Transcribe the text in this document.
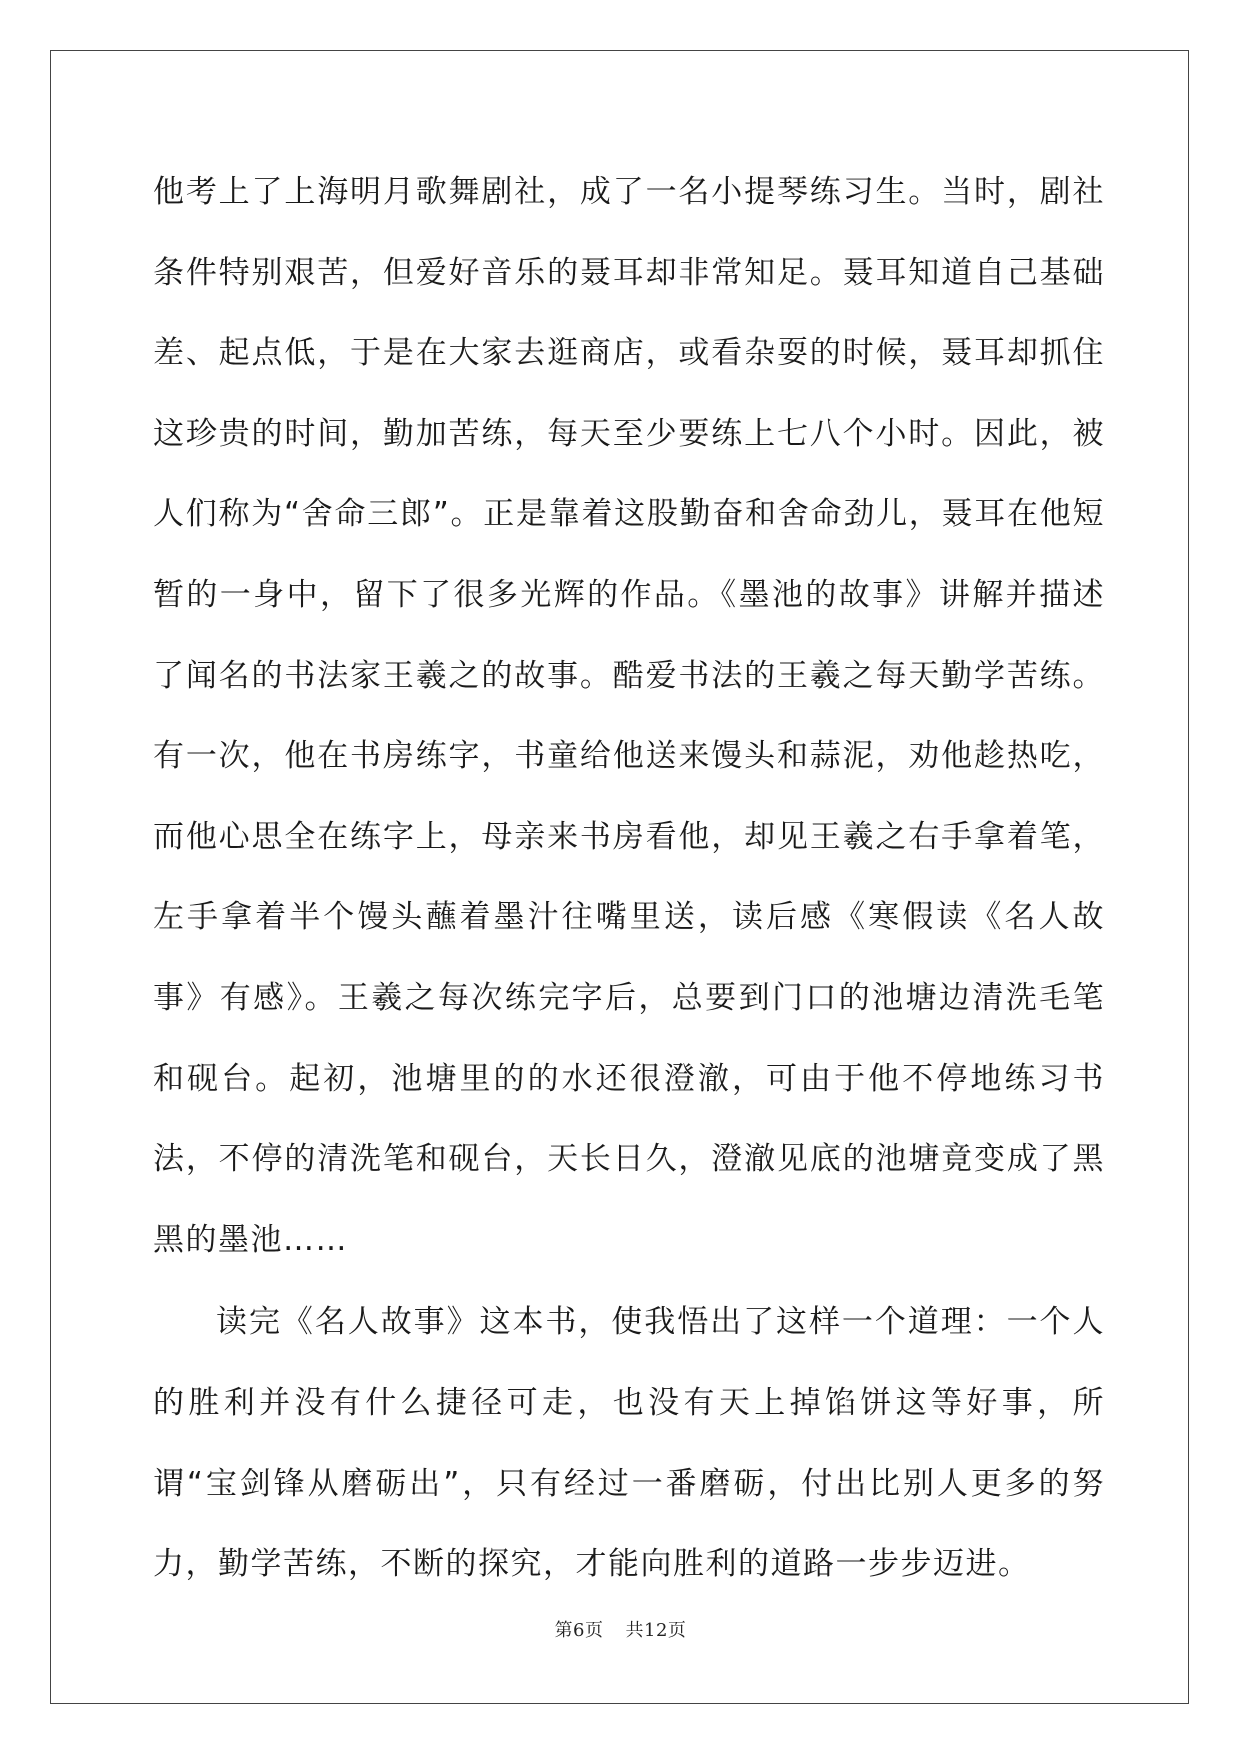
他考上了上海明月歌舞剧社，成了一名小提琴练习生。当时，剧社条件特别艰苦，但爱好音乐的聂耳却非常知足。聂耳知道自己基础差、起点低，于是在大家去逛商店，或看杂耍的时候，聂耳却抓住这珍贵的时间，勤加苦练，每天至少要练上七八个小时。因此，被人们称为“舍命三郎”。正是靠着这股勤奋和舍命劲儿，聂耳在他短暂的一身中，留下了很多光辉的作品。《墨池的故事》讲解并描述了闻名的书法家王羲之的故事。酷爱书法的王羲之每天勤学苦练。有一次，他在书房练字，书童给他送来馒头和蒜泥，劝他趁热吃，而他心思全在练字上，母亲来书房看他，却见王羲之右手拿着笔，左手拿着半个馒头蘸着墨汁往嘴里送，读后感《寒假读《名人故事》有感》。王羲之每次练完字后，总要到门口的池塘边清洗毛笔和砚台。起初，池塘里的的水还很澄澈，可由于他不停地练习书法，不停的清洗笔和砚台，天长日久，澄澈见底的池塘竟变成了黑黑的墨池……

读完《名人故事》这本书，使我悟出了这样一个道理：一个人的胜利并没有什么捷径可走，也没有天上掉馅饼这等好事，所谓“宝剑锋从磨砺出”，只有经过一番磨砺，付出比别人更多的努力，勤学苦练，不断的探究，才能向胜利的道路一步步迈进。

第6页 共12页
